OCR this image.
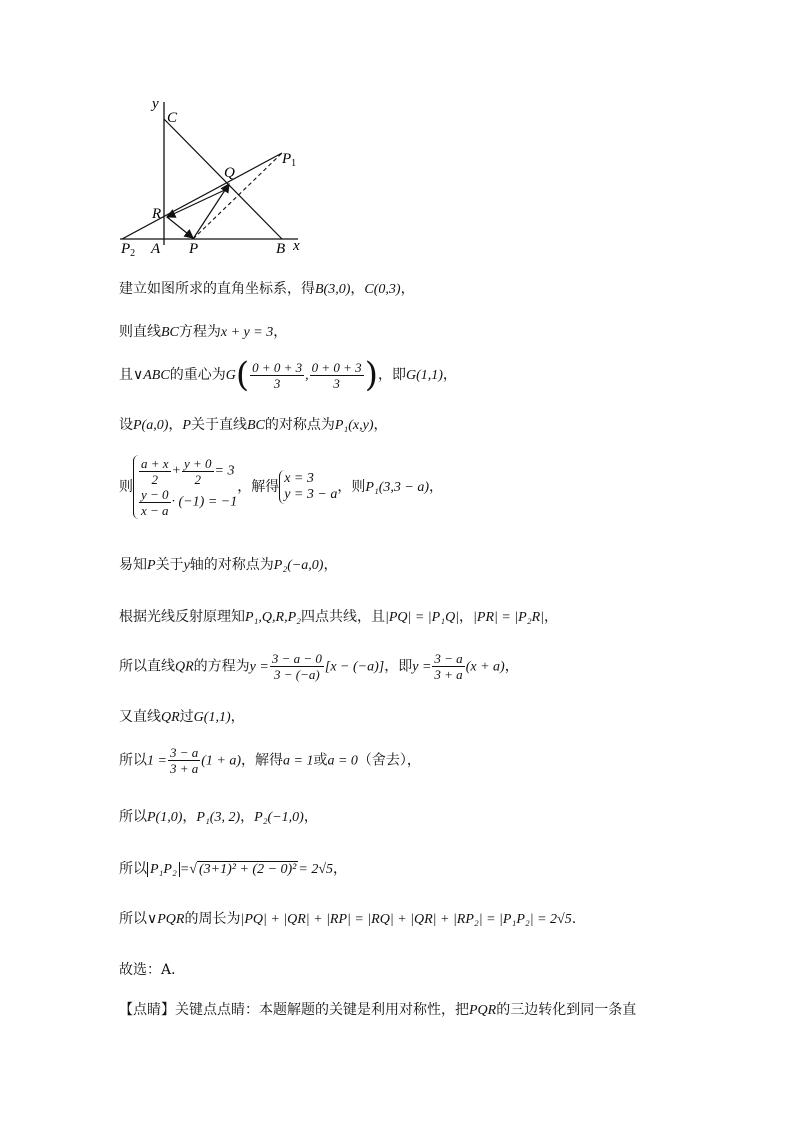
y
x
C
Q
$P_1$
R
$P_2$ A P	B
建立如图所求的直角坐标系，得B(3,0)，C(0,3)，
则直线BC方程为x + y = 3，
且∨ABC的重心为$G( \frac{0 + 0 + 3}{3}$ , $\frac{0 + 0 + 3}{3}$ )，即G(1,1)，
设P(a,0)，P关于直线BC的对称点为P₁(x,y)，
则
$\frac{a + x}{2} + \frac{y + 0}{2} = 3$
$\frac{y - 0}{x - a} \cdot (-1) = -1$
，解得
x = 3
y = 3 − a ，则P₁(3,3 − a)，
易知P关于y轴的对称点为P₂(−a,0)，
根据光线反射原理知P₁,Q,R,P₂四点共线，且|PQ| = |P₁Q|，|PR| = |P₂R|，
所以直线QR的方程为$y = \frac{3 - a - 0}{3 - (-a)} [x - (-a)]$，即$y = \frac{3 - a}{3 + a} (x + a)$，
又直线QR过G(1,1)，
所以$1 = \frac{3 - a}{3 + a} (1 + a)$，解得a = 1或a = 0（舍去），
所以P(1,0)，P₁(3, 2)，P₂(−1,0)，
所以 P₁P₂ =√ (3+1)² + (2 − 0)² = 2√5，
所以∨PQR的周长为|PQ| + |QR| + |RP| = |RQ| + |QR| + |RP₂| = |P₁P₂| = 2√5.
故选：A．
【点睛】关键点点睛：本题解题的关键是利用对称性，把PQR的三边转化到同一条直
